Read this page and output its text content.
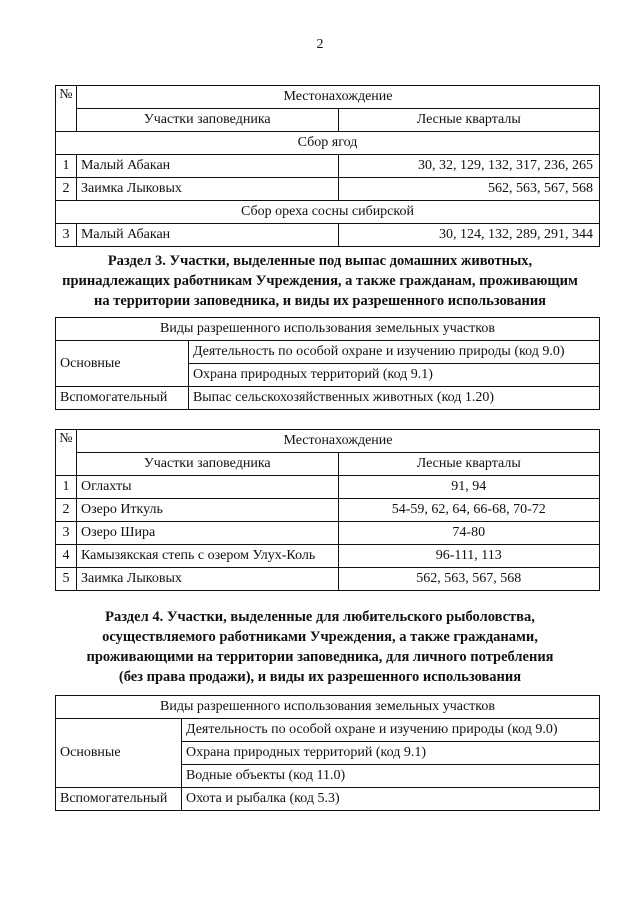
2
№	Местонахождение	
	Участки заповедника	Лесные кварталы
Сбор ягод		
1	Малый Абакан	30, 32, 129, 132, 317, 236, 265
2	Заимка Лыковых	562, 563, 567, 568
Сбор ореха сосны сибирской		
3	Малый Абакан	30, 124, 132, 289, 291, 344
Раздел 3. Участки, выделенные под выпас домашних животных,
принадлежащих работникам Учреждения, а также гражданам, проживающим
на территории заповедника, и виды их разрешенного использования
Виды разрешенного использования земельных участков	
Основные	Деятельность по особой охране и изучению природы (код 9.0)
	Охрана природных территорий (код 9.1)
Вспомогательный	Выпас сельскохозяйственных животных (код 1.20)
№	Местонахождение	
	Участки заповедника	Лесные кварталы
1	Оглахты	91, 94
2	Озеро Иткуль	54-59, 62, 64, 66-68, 70-72
3	Озеро Шира	74-80
4	Камызякская степь с озером Улух-Коль	96-111, 113
5	Заимка Лыковых	562, 563, 567, 568
Раздел 4. Участки, выделенные для любительского рыболовства,
осуществляемого работниками Учреждения, а также гражданами,
проживающими на территории заповедника, для личного потребления
(без права продажи), и виды их разрешенного использования
Виды разрешенного использования земельных участков	
Основные	Деятельность по особой охране и изучению природы (код 9.0)
	Охрана природных территорий (код 9.1)
	Водные объекты (код 11.0)
Вспомогательный	Охота и рыбалка (код 5.3)
